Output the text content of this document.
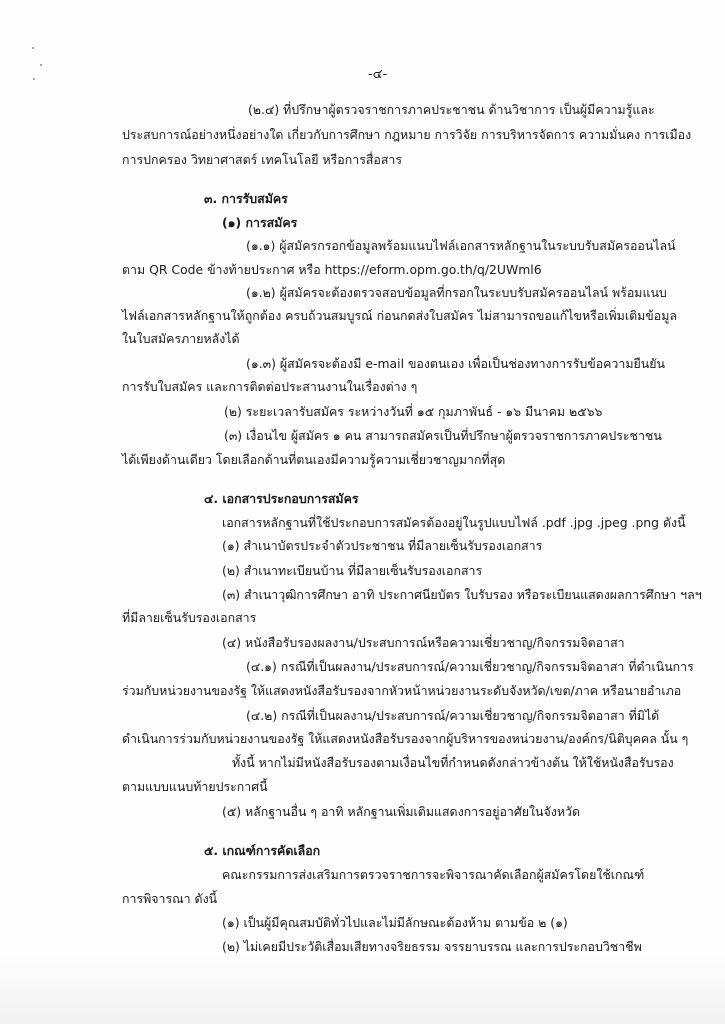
-๔-
(๒.๔) ที่ปรึกษาผู้ตรวจราชการภาคประชาชน ด้านวิชาการ เป็นผู้มีความรู้และ
ประสบการณ์อย่างหนึ่งอย่างใด เกี่ยวกับการศึกษา กฎหมาย การวิจัย การบริหารจัดการ ความมั่นคง การเมือง
การปกครอง วิทยาศาสตร์ เทคโนโลยี หรือการสื่อสาร
๓. การรับสมัคร
(๑) การสมัคร
(๑.๑) ผู้สมัครกรอกข้อมูลพร้อมแนบไฟล์เอกสารหลักฐานในระบบรับสมัครออนไลน์
ตาม QR Code ข้างท้ายประกาศ หรือ https://eform.opm.go.th/q/2UWml6
(๑.๒) ผู้สมัครจะต้องตรวจสอบข้อมูลที่กรอกในระบบรับสมัครออนไลน์ พร้อมแนบ
ไฟล์เอกสารหลักฐานให้ถูกต้อง ครบถ้วนสมบูรณ์ ก่อนกดส่งใบสมัคร ไม่สามารถขอแก้ไขหรือเพิ่มเติมข้อมูล
ในใบสมัครภายหลังได้
(๑.๓) ผู้สมัครจะต้องมี e-mail ของตนเอง เพื่อเป็นช่องทางการรับข้อความยืนยัน
การรับใบสมัคร และการติดต่อประสานงานในเรื่องต่าง ๆ
(๒) ระยะเวลารับสมัคร ระหว่างวันที่ ๑๕ กุมภาพันธ์ - ๑๖ มีนาคม ๒๕๖๖
(๓) เงื่อนไข ผู้สมัคร ๑ คน สามารถสมัครเป็นที่ปรึกษาผู้ตรวจราชการภาคประชาชน
ได้เพียงด้านเดียว โดยเลือกด้านที่ตนเองมีความรู้ความเชี่ยวชาญมากที่สุด
๔. เอกสารประกอบการสมัคร
เอกสารหลักฐานที่ใช้ประกอบการสมัครต้องอยู่ในรูปแบบไฟล์ .pdf .jpg .jpeg .png ดังนี้
(๑) สำเนาบัตรประจำตัวประชาชน ที่มีลายเซ็นรับรองเอกสาร
(๒) สำเนาทะเบียนบ้าน ที่มีลายเซ็นรับรองเอกสาร
(๓) สำเนาวุฒิการศึกษา อาทิ ประกาศนียบัตร ใบรับรอง หรือระเบียนแสดงผลการศึกษา ฯลฯ
ที่มีลายเซ็นรับรองเอกสาร
(๔) หนังสือรับรองผลงาน/ประสบการณ์หรือความเชี่ยวชาญ/กิจกรรมจิตอาสา
(๔.๑) กรณีที่เป็นผลงาน/ประสบการณ์/ความเชี่ยวชาญ/กิจกรรมจิตอาสา ที่ดำเนินการ
ร่วมกับหน่วยงานของรัฐ ให้แสดงหนังสือรับรองจากหัวหน้าหน่วยงานระดับจังหวัด/เขต/ภาค หรือนายอำเภอ
(๔.๒) กรณีที่เป็นผลงาน/ประสบการณ์/ความเชี่ยวชาญ/กิจกรรมจิตอาสา ที่มิได้
ดำเนินการร่วมกับหน่วยงานของรัฐ ให้แสดงหนังสือรับรองจากผู้บริหารของหน่วยงาน/องค์กร/นิติบุคคล นั้น ๆ
ทั้งนี้ หากไม่มีหนังสือรับรองตามเงื่อนไขที่กำหนดดังกล่าวข้างต้น ให้ใช้หนังสือรับรอง
ตามแบบแนบท้ายประกาศนี้
(๕) หลักฐานอื่น ๆ อาทิ หลักฐานเพิ่มเติมแสดงการอยู่อาศัยในจังหวัด
๕. เกณฑ์การคัดเลือก
คณะกรรมการส่งเสริมการตรวจราชการจะพิจารณาคัดเลือกผู้สมัครโดยใช้เกณฑ์
การพิจารณา ดังนี้
(๑) เป็นผู้มีคุณสมบัติทั่วไปและไม่มีลักษณะต้องห้าม ตามข้อ ๒ (๑)
(๒) ไม่เคยมีประวัติเสื่อมเสียทางจริยธรรม จรรยาบรรณ และการประกอบวิชาชีพ
